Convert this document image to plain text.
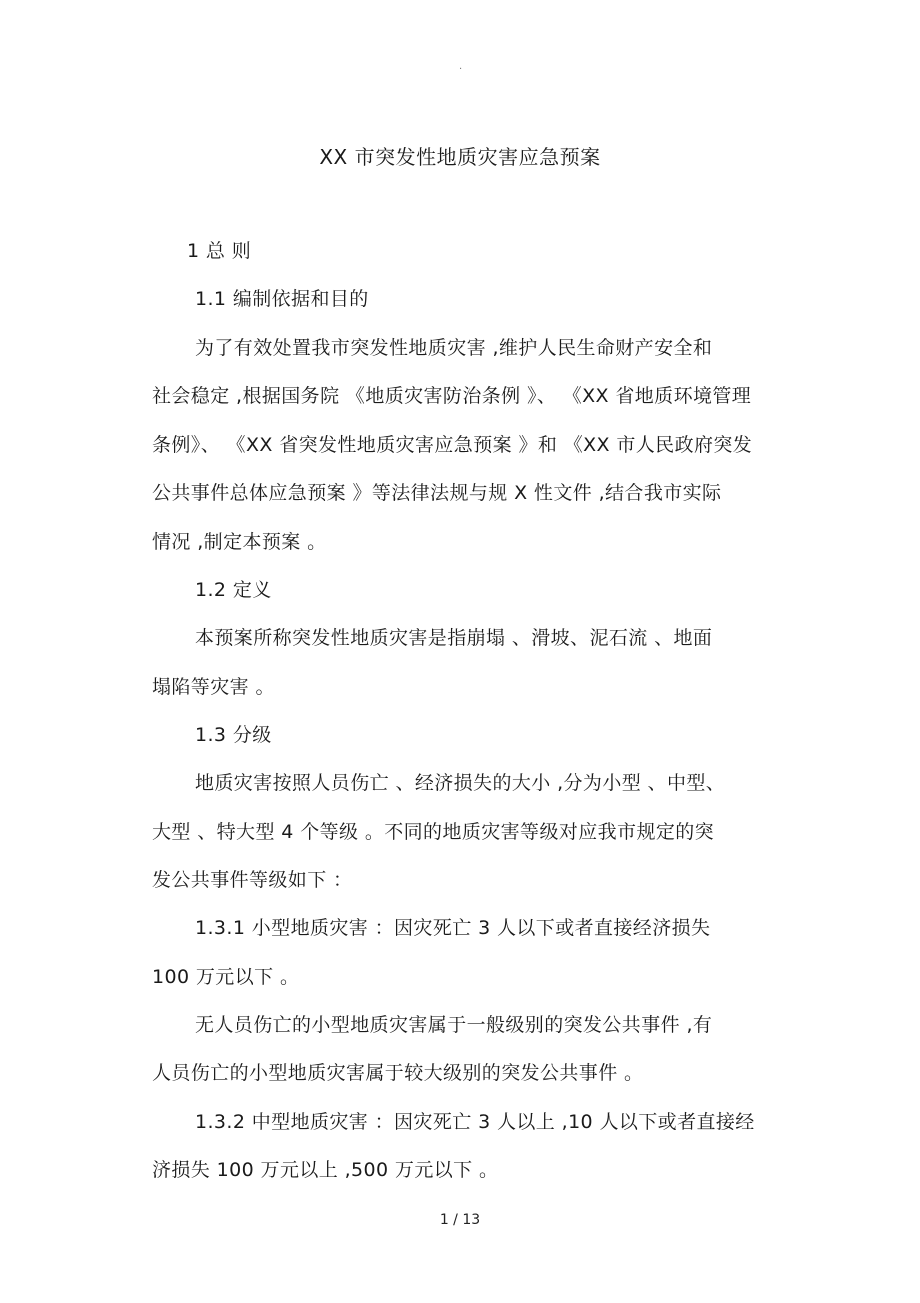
.
XX 市突发性地质灾害应急预案
1 总 则
1.1 编制依据和目的
为了有效处置我市突发性地质灾害 ,维护人民生命财产安全和
社会稳定 ,根据国务院 《地质灾害防治条例 》、 《XX 省地质环境管理
条例》、 《XX 省突发性地质灾害应急预案 》和 《XX 市人民政府突发
公共事件总体应急预案 》等法律法规与规 X 性文件 ,结合我市实际
情况 ,制定本预案 。
1.2 定义
本预案所称突发性地质灾害是指崩塌 、滑坡、泥石流 、地面
塌陷等灾害 。
1.3 分级
地质灾害按照人员伤亡 、经济损失的大小 ,分为小型 、中型、
大型 、特大型 4 个等级 。不同的地质灾害等级对应我市规定的突
发公共事件等级如下 ：
1.3.1 小型地质灾害 ：因灾死亡 3 人以下或者直接经济损失
100 万元以下 。
无人员伤亡的小型地质灾害属于一般级别的突发公共事件 ,有
人员伤亡的小型地质灾害属于较大级别的突发公共事件 。
1.3.2 中型地质灾害 ：因灾死亡 3 人以上 ,10 人以下或者直接经
济损失 100 万元以上 ,500 万元以下 。
1 / 13
